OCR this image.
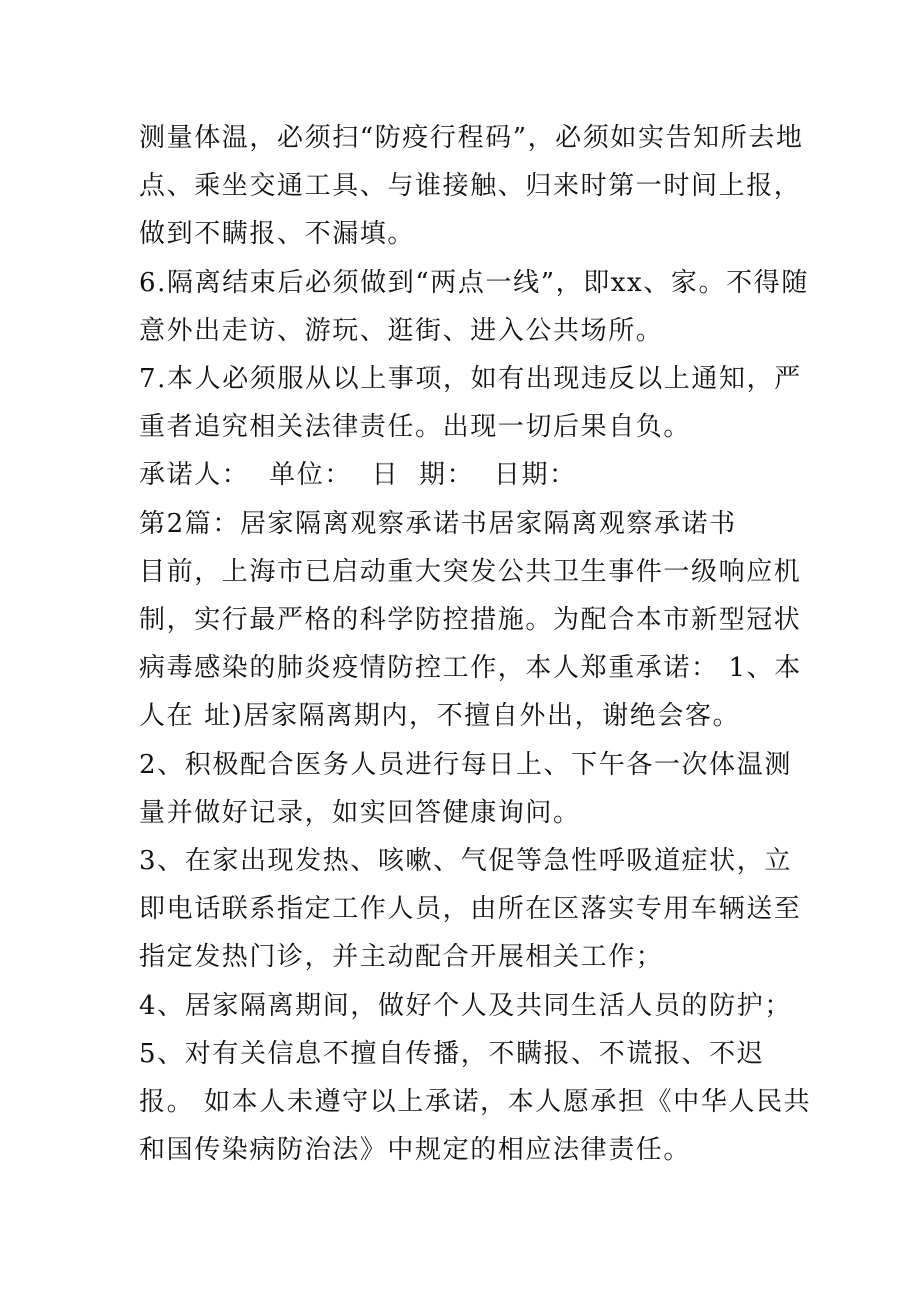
测量体温，必须扫“防疫行程码”，必须如实告知所去地点、乘坐交通工具、与谁接触、归来时第一时间上报，做到不瞒报、不漏填。

6.隔离结束后必须做到“两点一线”，即xx、家。不得随意外出走访、游玩、逛街、进入公共场所。

7.本人必须服从以上事项，如有出现违反以上通知，严重者追究相关法律责任。出现一切后果自负。

承诺人：  单位：  日  期：  日期：

第2篇：居家隔离观察承诺书居家隔离观察承诺书

目前，上海市已启动重大突发公共卫生事件一级响应机制，实行最严格的科学防控措施。为配合本市新型冠状病毒感染的肺炎疫情防控工作，本人郑重承诺： 1、本人在 址)居家隔离期内，不擅自外出，谢绝会客。

2、积极配合医务人员进行每日上、下午各一次体温测量并做好记录，如实回答健康询问。

3、在家出现发热、咳嗽、气促等急性呼吸道症状，立即电话联系指定工作人员，由所在区落实专用车辆送至指定发热门诊，并主动配合开展相关工作；

4、居家隔离期间，做好个人及共同生活人员的防护； 5、对有关信息不擅自传播，不瞒报、不谎报、不迟报。 如本人未遵守以上承诺，本人愿承担《中华人民共和国传染病防治法》中规定的相应法律责任。
